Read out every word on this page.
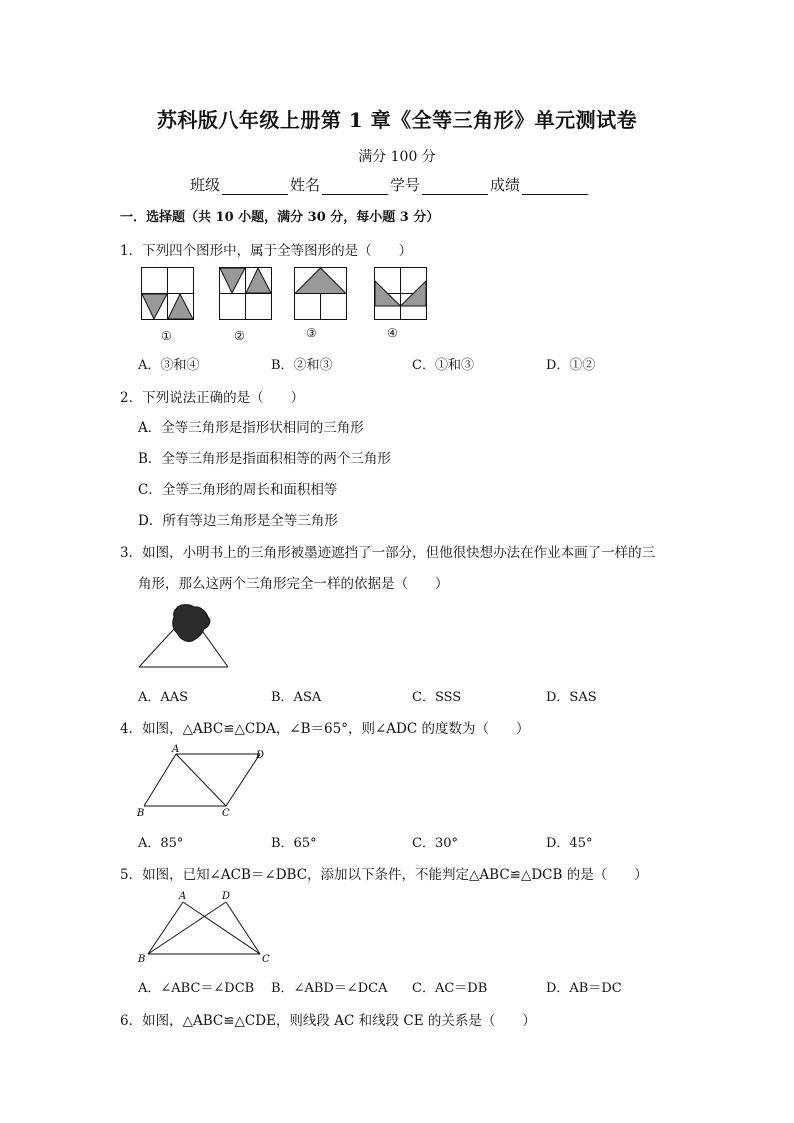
苏科版八年级上册第 1 章《全等三角形》单元测试卷
满分 100 分
班级	姓名	学号	成绩
一．选择题（共 10 小题，满分 30 分，每小题 3 分）
1．下列四个图形中，属于全等图形的是（　　）
①	②	③	④
A．③和④	B．②和③	C．①和③	D．①②
2．下列说法正确的是（　　）
A．全等三角形是指形状相同的三角形
B．全等三角形是指面积相等的两个三角形
C．全等三角形的周长和面积相等
D．所有等边三角形是全等三角形
3．如图，小明书上的三角形被墨迹遮挡了一部分，但他很快想办法在作业本画了一样的三
角形，那么这两个三角形完全一样的依据是（　　）
A．AAS	B．ASA	C．SSS	D．SAS
4．如图，△ABC≌△CDA，∠B＝65°，则∠ADC 的度数为（　　）
A
D
B	C
A．85°	B．65°	C．30°	D．45°
5．如图，已知∠ACB＝∠DBC，添加以下条件，不能判定△ABC≌△DCB 的是（　　）
A	D
B	C
A．∠ABC＝∠DCB B．∠ABD＝∠DCA C．AC＝DB	D．AB＝DC
6．如图，△ABC≌△CDE，则线段 AC 和线段 CE 的关系是（　　）
